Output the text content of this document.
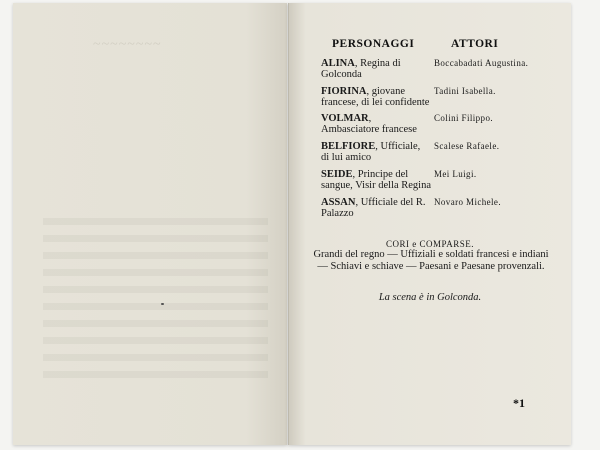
~~~~~~~~	PERSONAGGI	ATTORI
ALINA, Regina di Golconda
Boccabadati Augustina.
FIORINA, giovane francese, di lei confidente
Tadini Isabella.
VOLMAR, Ambasciatore francese
Colini Filippo.
BELFIORE, Ufficiale, di lui amico
Scalese Rafaele.
SEIDE, Principe del sangue, Visir della Regina
Mei Luigi.
ASSAN, Ufficiale del R. Palazzo
Novaro Michele.
CORI e COMPARSE.
Grandi del regno — Uffiziali e soldati francesi e indiani — Schiavi e schiave — Paesani e Paesane provenzali.
La scena è in Golconda.
*1
